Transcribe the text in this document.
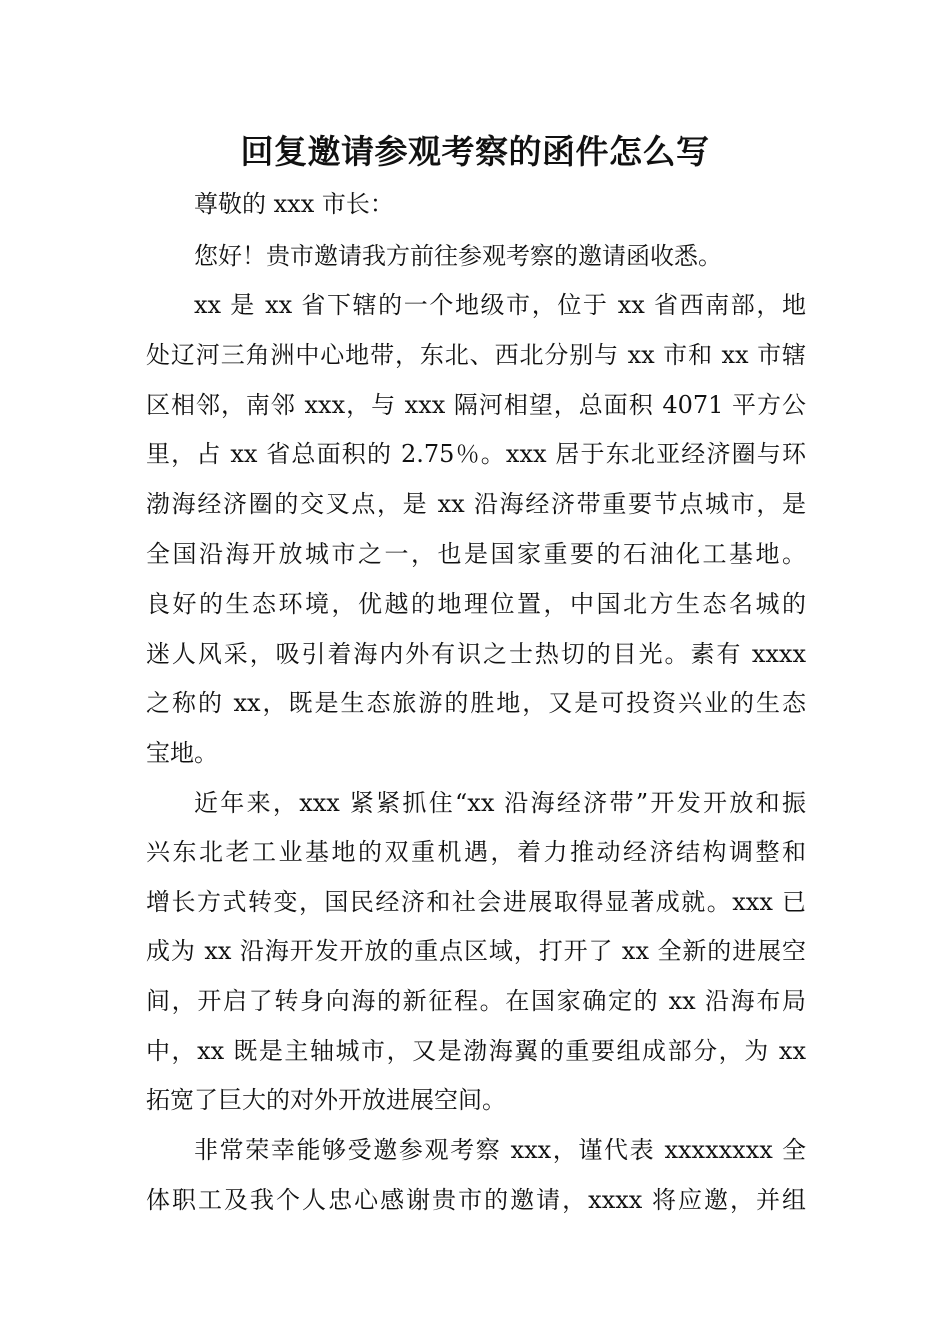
回复邀请参观考察的函件怎么写
尊敬的 xxx 市长：
您好！贵市邀请我方前往参观考察的邀请函收悉。
xx 是 xx 省下辖的一个地级市，位于 xx 省西南部，地
处辽河三角洲中心地带，东北、西北分别与 xx 市和 xx 市辖
区相邻，南邻 xxx，与 xxx 隔河相望，总面积 4071 平方公
里，占 xx 省总面积的 2.75％。xxx 居于东北亚经济圈与环
渤海经济圈的交叉点，是 xx 沿海经济带重要节点城市，是
全国沿海开放城市之一，也是国家重要的石油化工基地。
良好的生态环境，优越的地理位置，中国北方生态名城的
迷人风采，吸引着海内外有识之士热切的目光。素有 xxxx
之称的 xx，既是生态旅游的胜地，又是可投资兴业的生态
宝地。
近年来，xxx 紧紧抓住“xx 沿海经济带”开发开放和振
兴东北老工业基地的双重机遇，着力推动经济结构调整和
增长方式转变，国民经济和社会进展取得显著成就。xxx 已
成为 xx 沿海开发开放的重点区域，打开了 xx 全新的进展空
间，开启了转身向海的新征程。在国家确定的 xx 沿海布局
中，xx 既是主轴城市，又是渤海翼的重要组成部分，为 xx
拓宽了巨大的对外开放进展空间。
非常荣幸能够受邀参观考察 xxx，谨代表 xxxxxxxx 全
体职工及我个人忠心感谢贵市的邀请，xxxx 将应邀，并组
